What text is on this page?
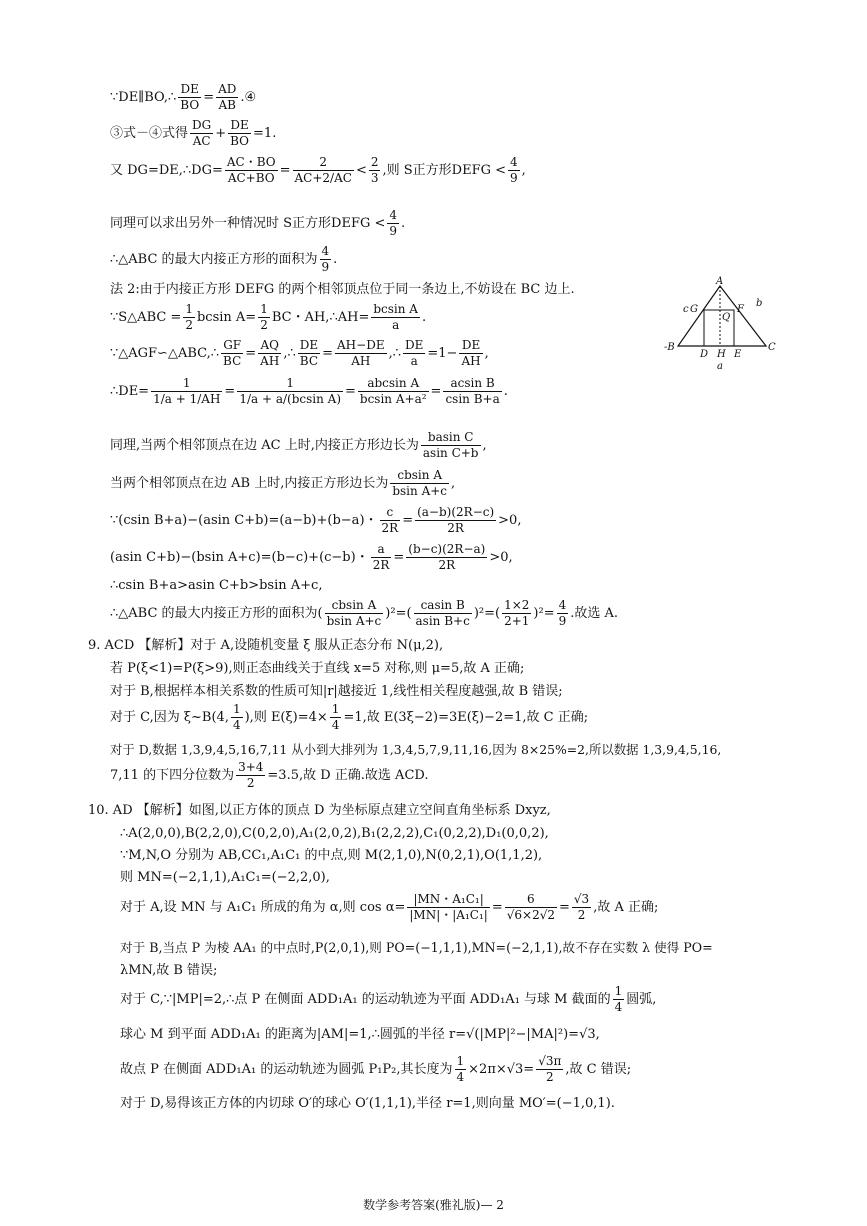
∵DE∥BO,∴ $\frac{DE}{BO} = \frac{AD}{AB}$ .④
③式－④式得 $\frac{DG}{AC} + \frac{DE}{BO} =1$.
又 DG=DE,∴DG= $\frac{AC・BO}{AC+BO} = \frac{2}{AC+2/AC} < \frac{2}{3}$ ,则 S正方形DEFG < $\frac{4}{9}$ ,
同理可以求出另外一种情况时 S正方形DEFG < $\frac{4}{9}$ .
∴△ABC 的最大内接正方形的面积为 $\frac{4}{9}$ .
法 2:由于内接正方形 DEFG 的两个相邻顶点位于同一条边上,不妨设在 BC 边上.
∵S△ABC = $\frac{1}{2}$ bcsin $A= \frac{1}{2}$ BC・AH,∴AH= $\frac{\text{bcsin A}}{a}$ .
∵△AGF∽△ABC,∴ $\frac{GF}{BC} = \frac{AQ}{AH}$ ,∴ $\frac{DE}{BC} = \frac{AH-DE}{AH}$ ,∴ $\frac{DE}{a} =1- \frac{DE}{AH}$ ,
∴DE= $\frac{1}{1/a + 1/AH} = \frac{1}{\text{1/a + a/(bcsin A)}} = \frac{\text{abcsin A}}{\text{bcsin A+a²}} = \frac{\text{acsin B}}{\text{csin B+a}}$ .
同理,当两个相邻顶点在边 AC 上时,内接正方形边长为 $\frac{\text{basin C}}{\text{asin C+b}}$ ,
当两个相邻顶点在边 AB 上时,内接正方形边长为 $\frac{\text{cbsin A}}{\text{bsin A+c}}$ ,
∵(csin B+a)−(asin C+b)=(a−b)+(b−a)・ $\frac{c}{2R} = \frac{(a-b)(2R-c)}{2R} >0$,
(asin C+b)−(bsin A+c)=(b−c)+(c−b)・ $\frac{a}{2R} = \frac{(b-c)(2R-a)}{2R} >0$,
∴csin B+a>asin C+b>bsin A+c,
∴△ABC 的最大内接正方形的面积为( $\frac{\text{cbsin A}}{\text{bsin A+c}} )^2=( \frac{\text{casin B}}{\text{asin B+c}} )^2=( \frac{1\times 2}{2+1} )^2= \frac{4}{9}$ .故选 A.
9. ACD 【解析】对于 A,设随机变量 ξ 服从正态分布 N(μ,2),
若 P(ξ<1)=P(ξ>9),则正态曲线关于直线 x=5 对称,则 μ=5,故 A 正确;
对于 B,根据样本相关系数的性质可知|r|越接近 1,线性相关程度越强,故 B 错误;
对于 C,因为 ξ~B(4, $\frac{1}{4}$ ),则 $E(\xi)=4\times \frac{1}{4} =1$,故 E(3ξ−2)=3E(ξ)−2=1,故 C 正确;
对于 D,数据 1,3,9,4,5,16,7,11 从小到大排列为 1,3,4,5,7,9,11,16,因为 8×25%=2,所以数据 1,3,9,4,5,16,
7,11 的下四分位数为 $\frac{3+4}{2} =3.5$,故 D 正确.故选 ACD.
10. AD 【解析】如图,以正方体的顶点 D 为坐标原点建立空间直角坐标系 Dxyz,
∴A(2,0,0),B(2,2,0),C(0,2,0),A₁(2,0,2),B₁(2,2,2),C₁(0,2,2),D₁(0,0,2),
∵M,N,O 分别为 AB,CC₁,A₁C₁ 的中点,则 M(2,1,0),N(0,2,1),O(1,1,2),
则 MN=(−2,1,1),A₁C₁=(−2,2,0),
对于 A,设 MN 与 A₁C₁ 所成的角为 α,则 $\cos \alpha= \frac{\text{|MN・A₁C₁|}}{\text{|MN|・|A₁C₁|}} = \frac{6}{√6\times 2√2} = \frac{√3}{2}$ ,故 A 正确;
对于 B,当点 P 为棱 AA₁ 的中点时,P(2,0,1),则 PO=(−1,1,1),MN=(−2,1,1),故不存在实数 λ 使得 PO=
λMN,故 B 错误;
对于 C,∵|MP|=2,∴点 P 在侧面 ADD₁A₁ 的运动轨迹为平面 ADD₁A₁ 与球 M 截面的 $\frac{1}{4}$ 圆弧,
球心 M 到平面 ADD₁A₁ 的距离为|AM|=1,∴圆弧的半径 r=√(|MP|²−|MA|²)=√3,
故点 P 在侧面 ADD₁A₁ 的运动轨迹为圆弧 P₁P₂,其长度为 $\frac{1}{4} \times 2\pi\times√3= \frac{√3\pi}{2}$ ,故 C 错误;
对于 D,易得该正方体的内切球 O′的球心 O′(1,1,1),半径 r=1,则向量 MO′=(−1,0,1).
A
-B	C
D	E
F
G
H
Q
a
b
c
数学参考答案(雅礼版)— 2
